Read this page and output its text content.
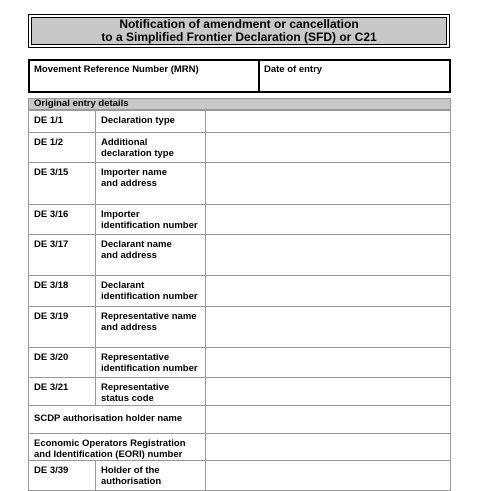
Notification of amendment or cancellation
to a Simplified Frontier Declaration (SFD) or C21
Movement Reference Number (MRN)	Date of entry
Original entry details
DE 1/1	Declaration type	
DE 1/2	Additional
declaration type	
DE 3/15	Importer name
and address	
DE 3/16	Importer
identification number	
DE 3/17	Declarant name
and address	
DE 3/18	Declarant
identification number	
DE 3/19	Representative name
and address	
DE 3/20	Representative
identification number	
DE 3/21	Representative
status code	
SCDP authorisation holder name		
Economic Operators Registration
and Identification (EORI) number		
DE 3/39	Holder of the
authorisation	
